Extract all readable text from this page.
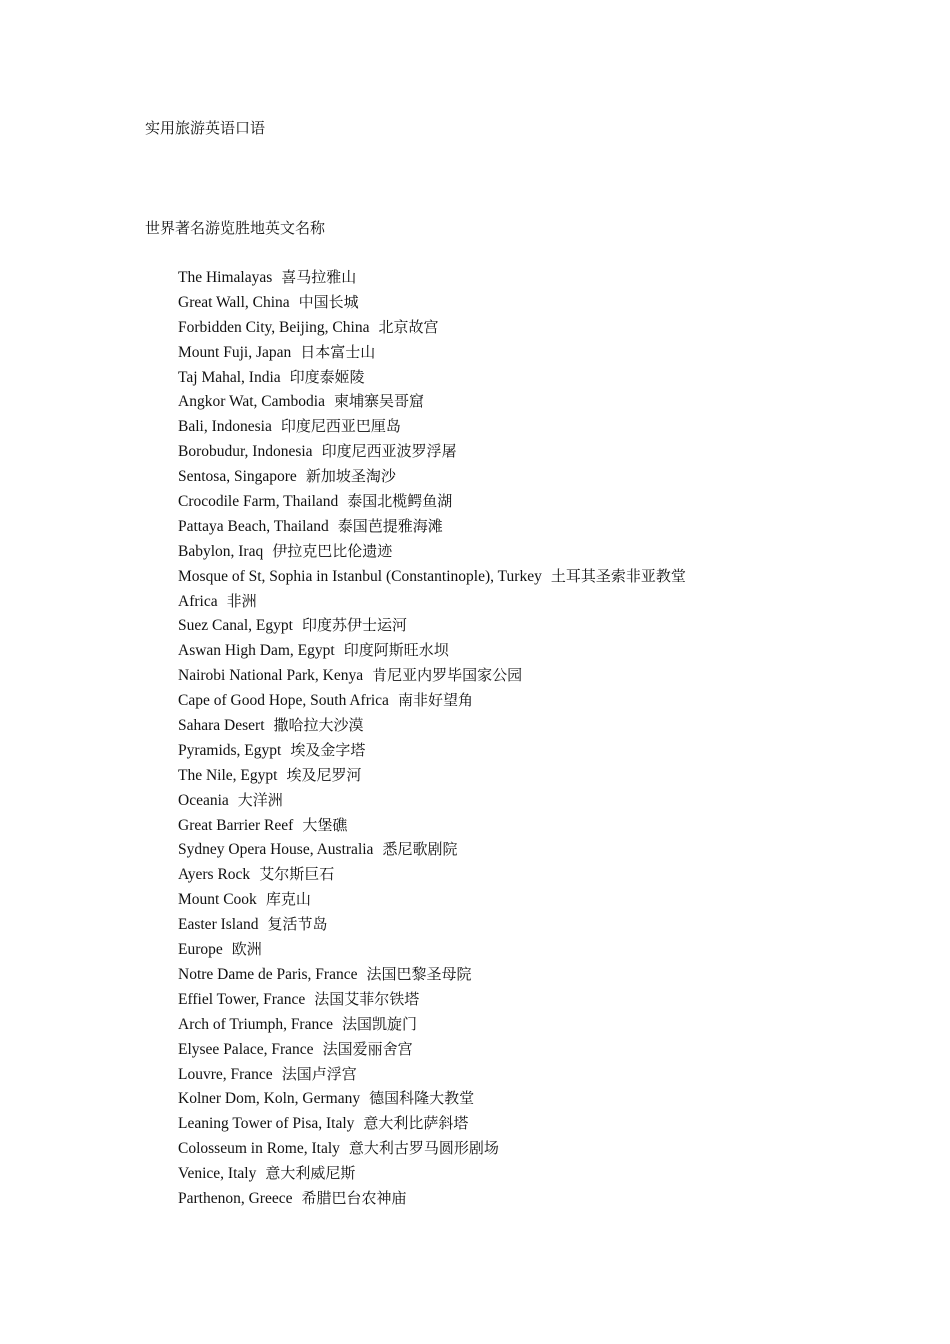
实用旅游英语口语
世界著名游览胜地英文名称
The Himalayas 喜马拉雅山
Great Wall, China 中国长城
Forbidden City, Beijing, China 北京故宫
Mount Fuji, Japan 日本富士山
Taj Mahal, India 印度泰姬陵
Angkor Wat, Cambodia 柬埔寨吴哥窟
Bali, Indonesia 印度尼西亚巴厘岛
Borobudur, Indonesia 印度尼西亚波罗浮屠
Sentosa, Singapore 新加坡圣淘沙
Crocodile Farm, Thailand 泰国北榄鳄鱼湖
Pattaya Beach, Thailand 泰国芭提雅海滩
Babylon, Iraq 伊拉克巴比伦遗迹
Mosque of St, Sophia in Istanbul (Constantinople), Turkey 土耳其圣索非亚教堂
Africa 非洲
Suez Canal, Egypt 印度苏伊士运河
Aswan High Dam, Egypt 印度阿斯旺水坝
Nairobi National Park, Kenya 肯尼亚内罗毕国家公园
Cape of Good Hope, South Africa 南非好望角
Sahara Desert 撒哈拉大沙漠
Pyramids, Egypt 埃及金字塔
The Nile, Egypt 埃及尼罗河
Oceania 大洋洲
Great Barrier Reef 大堡礁
Sydney Opera House, Australia 悉尼歌剧院
Ayers Rock 艾尔斯巨石
Mount Cook 库克山
Easter Island 复活节岛
Europe 欧洲
Notre Dame de Paris, France 法国巴黎圣母院
Effiel Tower, France 法国艾菲尔铁塔
Arch of Triumph, France 法国凯旋门
Elysee Palace, France 法国爱丽舍宫
Louvre, France 法国卢浮宫
Kolner Dom, Koln, Germany 德国科隆大教堂
Leaning Tower of Pisa, Italy 意大利比萨斜塔
Colosseum in Rome, Italy 意大利古罗马圆形剧场
Venice, Italy 意大利威尼斯
Parthenon, Greece 希腊巴台农神庙
